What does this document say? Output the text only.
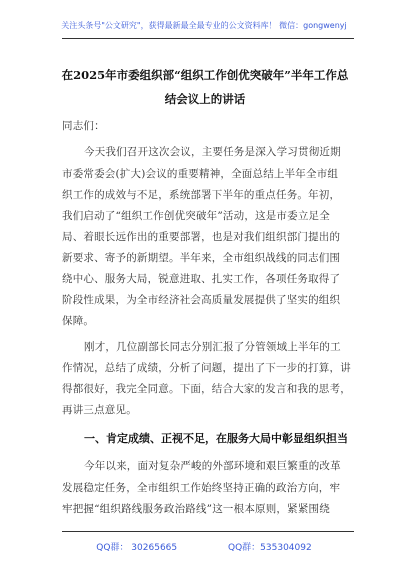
关注头条号"公文研究"，获得最新最全最专业的公文资料库！ 微信：gongwenyj
在2025年市委组织部“组织工作创优突破年”半年工作总
结会议上的讲话
同志们：
今天我们召开这次会议，主要任务是深入学习贯彻近期
市委常委会(扩大)会议的重要精神，全面总结上半年全市组
织工作的成效与不足，系统部署下半年的重点任务。年初，
我们启动了“组织工作创优突破年”活动，这是市委立足全
局、着眼长远作出的重要部署，也是对我们组织部门提出的
新要求、寄予的新期望。半年来，全市组织战线的同志们围
绕中心、服务大局，锐意进取、扎实工作，各项任务取得了
阶段性成果，为全市经济社会高质量发展提供了坚实的组织
保障。
刚才，几位副部长同志分别汇报了分管领域上半年的工
作情况，总结了成绩，分析了问题，提出了下一步的打算，讲
得都很好，我完全同意。下面，结合大家的发言和我的思考，
再讲三点意见。
一、肯定成绩、正视不足，在服务大局中彰显组织担当
今年以来，面对复杂严峻的外部环境和艰巨繁重的改革
发展稳定任务，全市组织工作始终坚持正确的政治方向，牢
牢把握“组织路线服务政治路线”这一根本原则，紧紧围绕
QQ群： 30265665	QQ群：535304092
